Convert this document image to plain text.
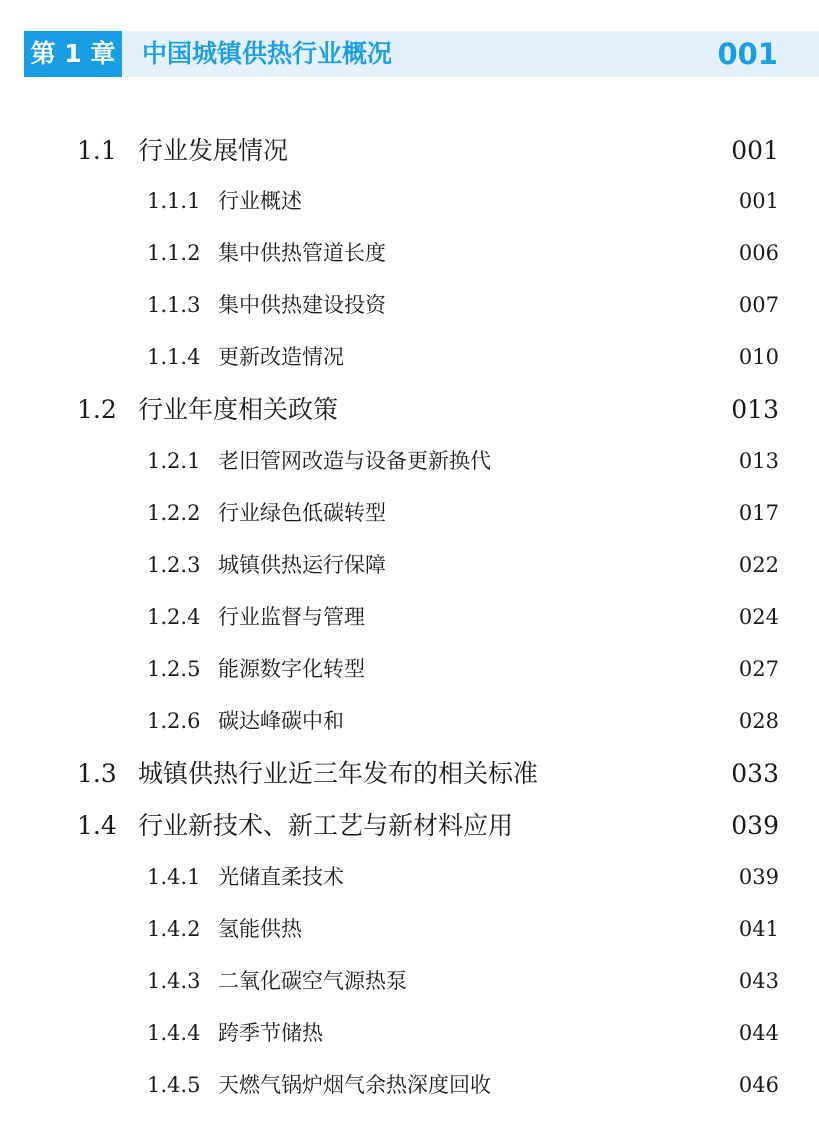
第 1 章 中国城镇供热行业概况	001
1.1 行业发展情况	001
1.1.1 行业概述	001
1.1.2 集中供热管道长度	006
1.1.3 集中供热建设投资	007
1.1.4 更新改造情况	010
1.2 行业年度相关政策	013
1.2.1 老旧管网改造与设备更新换代	013
1.2.2 行业绿色低碳转型	017
1.2.3 城镇供热运行保障	022
1.2.4 行业监督与管理	024
1.2.5 能源数字化转型	027
1.2.6 碳达峰碳中和	028
1.3 城镇供热行业近三年发布的相关标准	033
1.4 行业新技术、新工艺与新材料应用	039
1.4.1 光储直柔技术	039
1.4.2 氢能供热	041
1.4.3 二氧化碳空气源热泵	043
1.4.4 跨季节储热	044
1.4.5 天燃气锅炉烟气余热深度回收	046
